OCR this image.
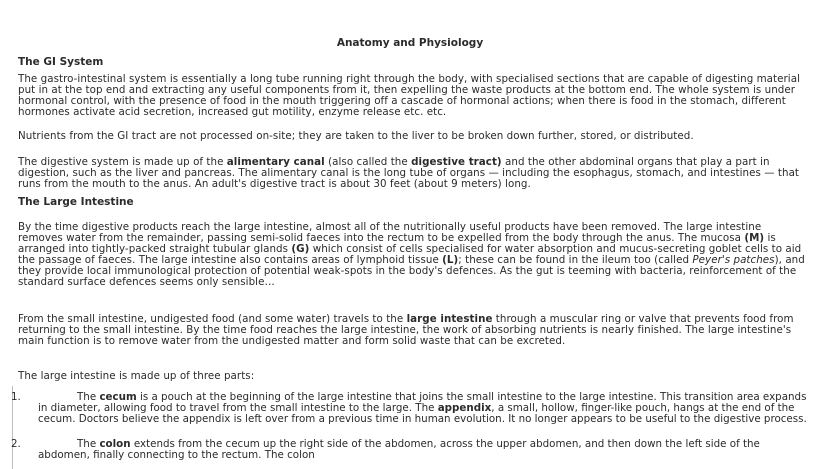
Anatomy and Physiology
The GI System

The gastro-intestinal system is essentially a long tube running right through the body, with specialised sections that are capable of digesting material put in at the top end and extracting any useful components from it, then expelling the waste products at the bottom end. The whole system is under hormonal control, with the presence of food in the mouth triggering off a cascade of hormonal actions; when there is food in the stomach, different hormones activate acid secretion, increased gut motility, enzyme release etc. etc.

Nutrients from the GI tract are not processed on-site; they are taken to the liver to be broken down further, stored, or distributed.

The digestive system is made up of the alimentary canal (also called the digestive tract) and the other abdominal organs that play a part in digestion, such as the liver and pancreas. The alimentary canal is the long tube of organs — including the esophagus, stomach, and intestines — that runs from the mouth to the anus. An adult's digestive tract is about 30 feet (about 9 meters) long.

The Large Intestine

By the time digestive products reach the large intestine, almost all of the nutritionally useful products have been removed. The large intestine removes water from the remainder, passing semi-solid faeces into the rectum to be expelled from the body through the anus. The mucosa (M) is arranged into tightly-packed straight tubular glands (G) which consist of cells specialised for water absorption and mucus-secreting goblet cells to aid the passage of faeces. The large intestine also contains areas of lymphoid tissue (L); these can be found in the ileum too (called Peyer's patches), and they provide local immunological protection of potential weak-spots in the body's defences. As the gut is teeming with bacteria, reinforcement of the standard surface defences seems only sensible…

From the small intestine, undigested food (and some water) travels to the large intestine through a muscular ring or valve that prevents food from returning to the small intestine. By the time food reaches the large intestine, the work of absorbing nutrients is nearly finished. The large intestine's main function is to remove water from the undigested matter and form solid waste that can be excreted.

The large intestine is made up of three parts:

1.	The cecum is a pouch at the beginning of the large intestine that joins the small intestine to the large intestine. This transition area expands in diameter, allowing food to travel from the small intestine to the large. The appendix, a small, hollow, finger-like pouch, hangs at the end of the cecum. Doctors believe the appendix is left over from a previous time in human evolution. It no longer appears to be useful to the digestive process.
2.	The colon extends from the cecum up the right side of the abdomen, across the upper abdomen, and then down the left side of the abdomen, finally connecting to the rectum. The colon
